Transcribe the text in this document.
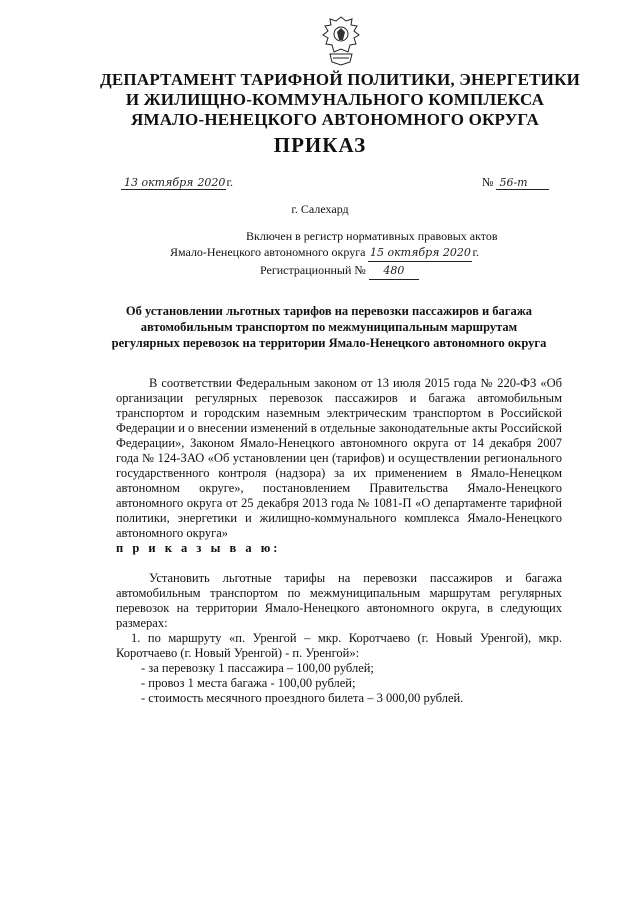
ДЕПАРТАМЕНТ ТАРИФНОЙ ПОЛИТИКИ, ЭНЕРГЕТИКИ
И ЖИЛИЩНО-КОММУНАЛЬНОГО КОМПЛЕКСА
ЯМАЛО-НЕНЕЦКОГО АВТОНОМНОГО ОКРУГА
ПРИКАЗ
13 октября 2020г.	№ 56-т
г. Салехард
Включен в регистр нормативных правовых актов
Ямало-Ненецкого автономного округа 15 октября 2020 г.
Регистрационный № 480
Об установлении льготных тарифов на перевозки пассажиров и багажа
автомобильным транспортом по межмуниципальным маршрутам
регулярных перевозок на территории Ямало-Ненецкого автономного округа

В соответствии Федеральным законом от 13 июля 2015 года № 220-ФЗ «Об организации регулярных перевозок пассажиров и багажа автомобильным транспортом и городским наземным электрическим транспортом в Российской Федерации и о внесении изменений в отдельные законодательные акты Российской Федерации», Законом Ямало-Ненецкого автономного округа от 14 декабря 2007 года № 124-ЗАО «Об установлении цен (тарифов) и осуществлении регионального государственного контроля (надзора) за их применением в Ямало-Ненецком автономном округе», постановлением Правительства Ямало-Ненецкого автономного округа от 25 декабря 2013 года № 1081-П «О департаменте тарифной политики, энергетики и жилищно-коммунального комплекса Ямало-Ненецкого автономного округа»

п р и к а з ы в а ю:

Установить льготные тарифы на перевозки пассажиров и багажа автомобильным транспортом по межмуниципальным маршрутам регулярных перевозок на территории Ямало-Ненецкого автономного округа, в следующих размерах:

1. по маршруту «п. Уренгой – мкр. Коротчаево (г. Новый Уренгой), мкр. Коротчаево (г. Новый Уренгой) - п. Уренгой»:

- за перевозку 1 пассажира – 100,00 рублей;

- провоз 1 места багажа - 100,00 рублей;

- стоимость месячного проездного билета – 3 000,00 рублей.
